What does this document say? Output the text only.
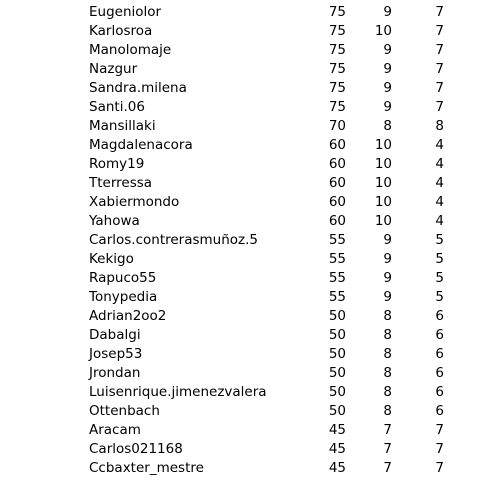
Eugeniolor	75	9	7
Karlosroa	75	10	7
Manolomaje	75	9	7
Nazgur	75	9	7
Sandra.milena	75	9	7
Santi.06	75	9	7
Mansillaki	70	8	8
Magdalenacora	60	10	4
Romy19	60	10	4
Tterressa	60	10	4
Xabiermondo	60	10	4
Yahowa	60	10	4
Carlos.contrerasmuñoz.5	55	9	5
Kekigo	55	9	5
Rapuco55	55	9	5
Tonypedia	55	9	5
Adrian2oo2	50	8	6
Dabalgi	50	8	6
Josep53	50	8	6
Jrondan	50	8	6
Luisenrique.jimenezvalera	50	8	6
Ottenbach	50	8	6
Aracam	45	7	7
Carlos021168	45	7	7
Ccbaxter_mestre	45	7	7
